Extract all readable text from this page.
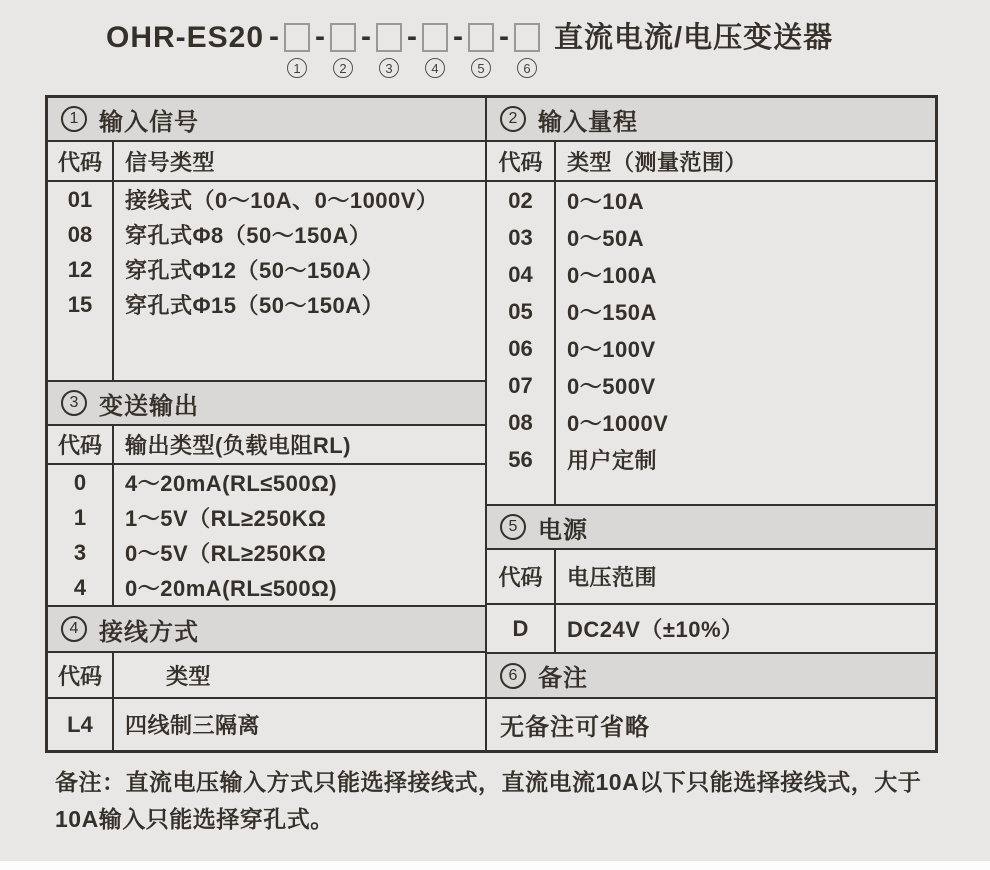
OHR-ES20 -
1
-
2
-
3
-
4
-
5
-
6
直流电流/电压变送器
1 输入信号
代码	信号类型
01	接线式（0～10A、0～1000V）
08	穿孔式Φ8（50～150A）
12	穿孔式Φ12（50～150A）
15	穿孔式Φ15（50～150A）
3 变送输出
代码	输出类型(负载电阻RL)
0	4～20mA(RL≤500Ω)
1	1～5V（RL≥250KΩ
3	0～5V（RL≥250KΩ
4	0～20mA(RL≤500Ω)
4 接线方式
代码	类型
L4	四线制三隔离
2 输入量程
代码	类型（测量范围）
02	0～10A
03	0～50A
04	0～100A
05	0～150A
06	0～100V
07	0～500V
08	0～1000V
56	用户定制
5 电源
代码	电压范围
D	DC24V（±10%）
6 备注
无备注可省略
备注：直流电压输入方式只能选择接线式，直流电流10A以下只能选择接线式，大于10A输入只能选择穿孔式。
